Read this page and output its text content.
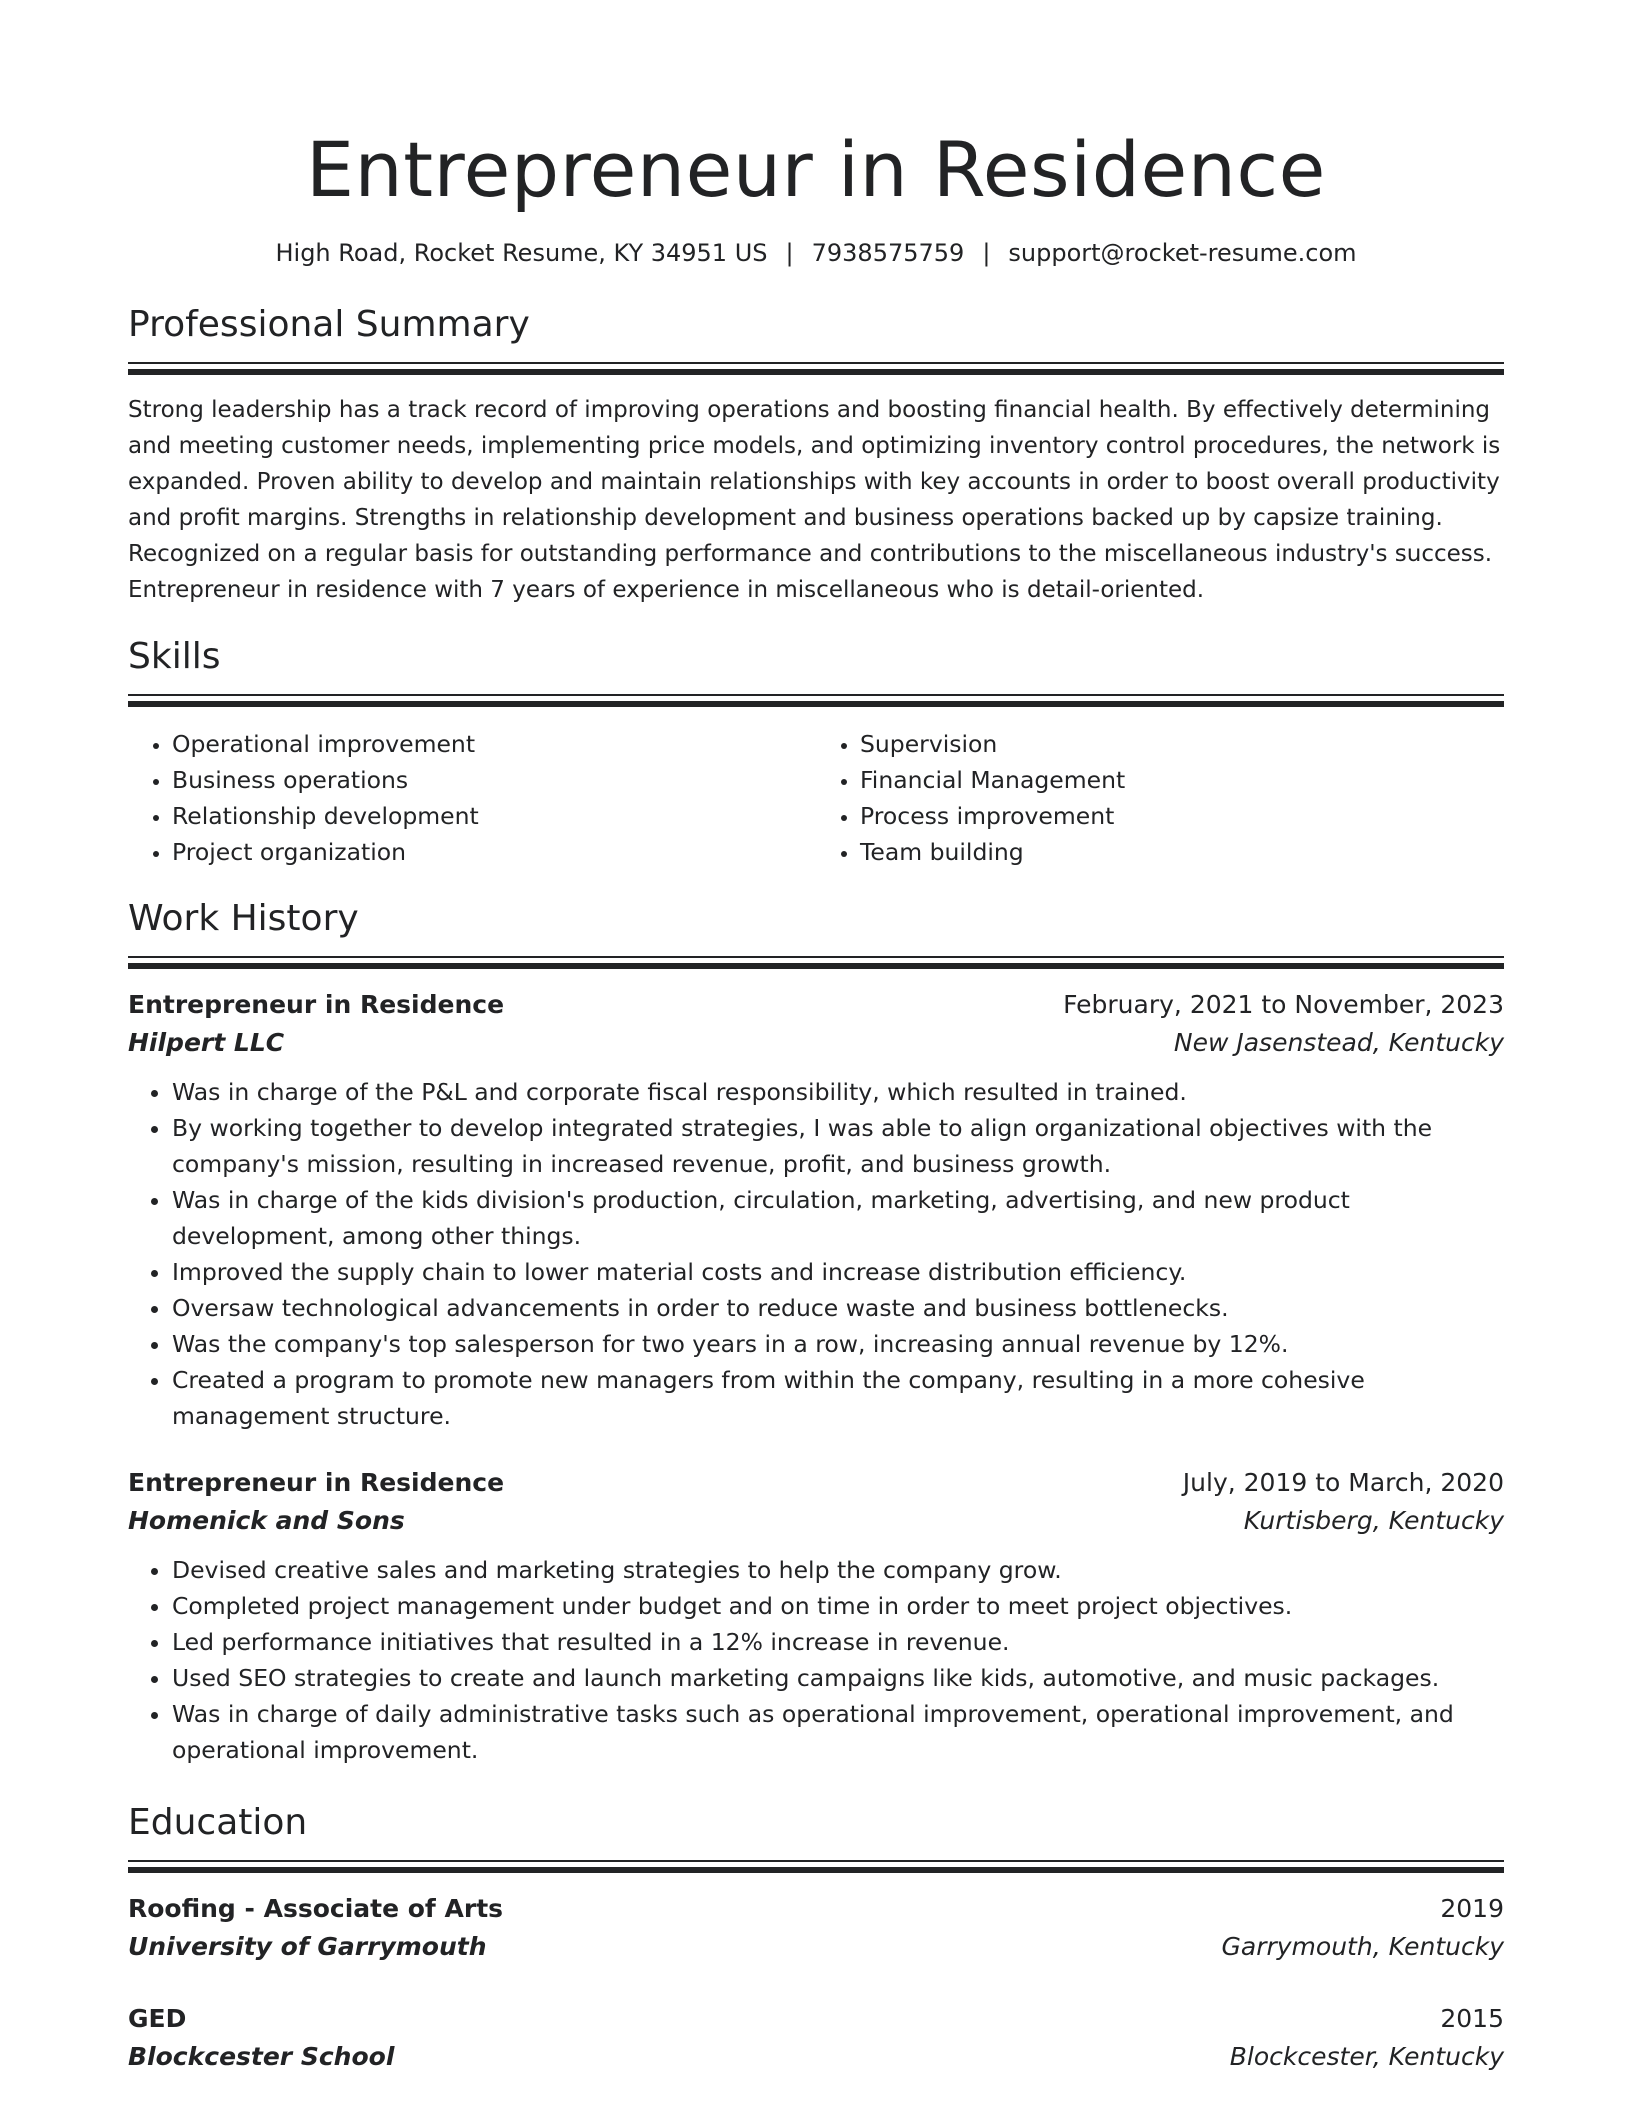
Entrepreneur in Residence
High Road, Rocket Resume, KY 34951 US | 7938575759 | support@rocket-resume.com
Professional Summary
Strong leadership has a track record of improving operations and boosting financial health. By effectively determining and meeting customer needs, implementing price models, and optimizing inventory control procedures, the network is expanded. Proven ability to develop and maintain relationships with key accounts in order to boost overall productivity and profit margins. Strengths in relationship development and business operations backed up by capsize training. Recognized on a regular basis for outstanding performance and contributions to the miscellaneous industry's success. Entrepreneur in residence with 7 years of experience in miscellaneous who is detail-oriented.
Skills
• Operational improvement
• Business operations
• Relationship development
• Project organization
• Supervision
• Financial Management
• Process improvement
• Team building
Work History
Entrepreneur in Residence	February, 2021 to November, 2023
Hilpert LLC	New Jasenstead, Kentucky
• Was in charge of the P&L and corporate fiscal responsibility, which resulted in trained.
• By working together to develop integrated strategies, I was able to align organizational objectives with the company's mission, resulting in increased revenue, profit, and business growth.
• Was in charge of the kids division's production, circulation, marketing, advertising, and new product development, among other things.
• Improved the supply chain to lower material costs and increase distribution efficiency.
• Oversaw technological advancements in order to reduce waste and business bottlenecks.
• Was the company's top salesperson for two years in a row, increasing annual revenue by 12%.
• Created a program to promote new managers from within the company, resulting in a more cohesive management structure.
Entrepreneur in Residence	July, 2019 to March, 2020
Homenick and Sons	Kurtisberg, Kentucky
• Devised creative sales and marketing strategies to help the company grow.
• Completed project management under budget and on time in order to meet project objectives.
• Led performance initiatives that resulted in a 12% increase in revenue.
• Used SEO strategies to create and launch marketing campaigns like kids, automotive, and music packages.
• Was in charge of daily administrative tasks such as operational improvement, operational improvement, and operational improvement.
Education
Roofing - Associate of Arts	2019
University of Garrymouth	Garrymouth, Kentucky
GED	2015
Blockcester School	Blockcester, Kentucky
